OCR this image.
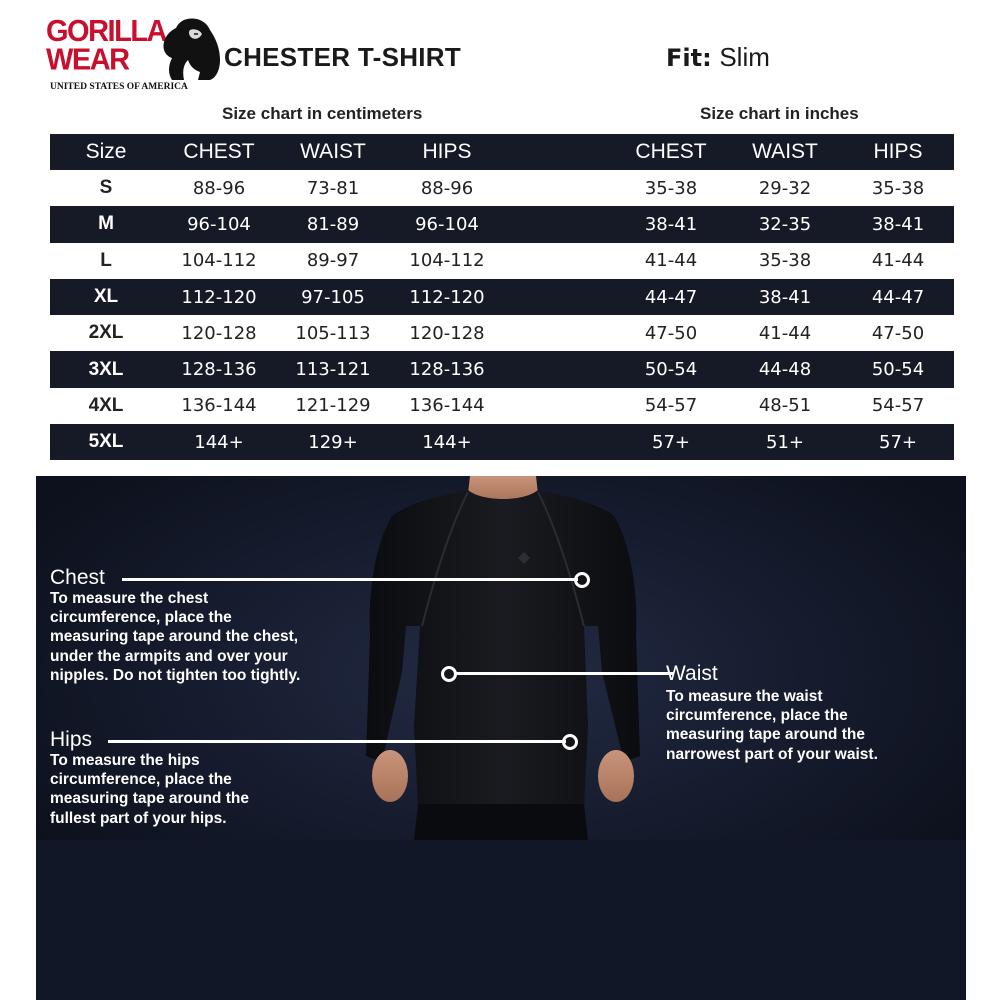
GORILLA
WEAR
UNITED STATES OF AMERICA
CHESTER T-SHIRT	Fit: Slim
Size chart in centimeters	Size chart in inches
Size	CHEST	WAIST	HIPS	CHEST	WAIST	HIPS
S	88-96	73-81	88-96	35-38	29-32	35-38
M	96-104	81-89	96-104	38-41	32-35	38-41
L	104-112	89-97	104-112	41-44	35-38	41-44
XL	112-120	97-105	112-120	44-47	38-41	44-47
2XL	120-128	105-113	120-128	47-50	41-44	47-50
3XL	128-136	113-121	128-136	50-54	44-48	50-54
4XL	136-144	121-129	136-144	54-57	48-51	54-57
5XL	144+	129+	144+	57+	51+	57+
Chest
To measure the chest
circumference, place the
measuring tape around the chest,
under the armpits and over your
nipples. Do not tighten too tightly.	Waist
To measure the waist
circumference, place the
measuring tape around the
narrowest part of your waist.
Hips
To measure the hips
circumference, place the
measuring tape around the
fullest part of your hips.
